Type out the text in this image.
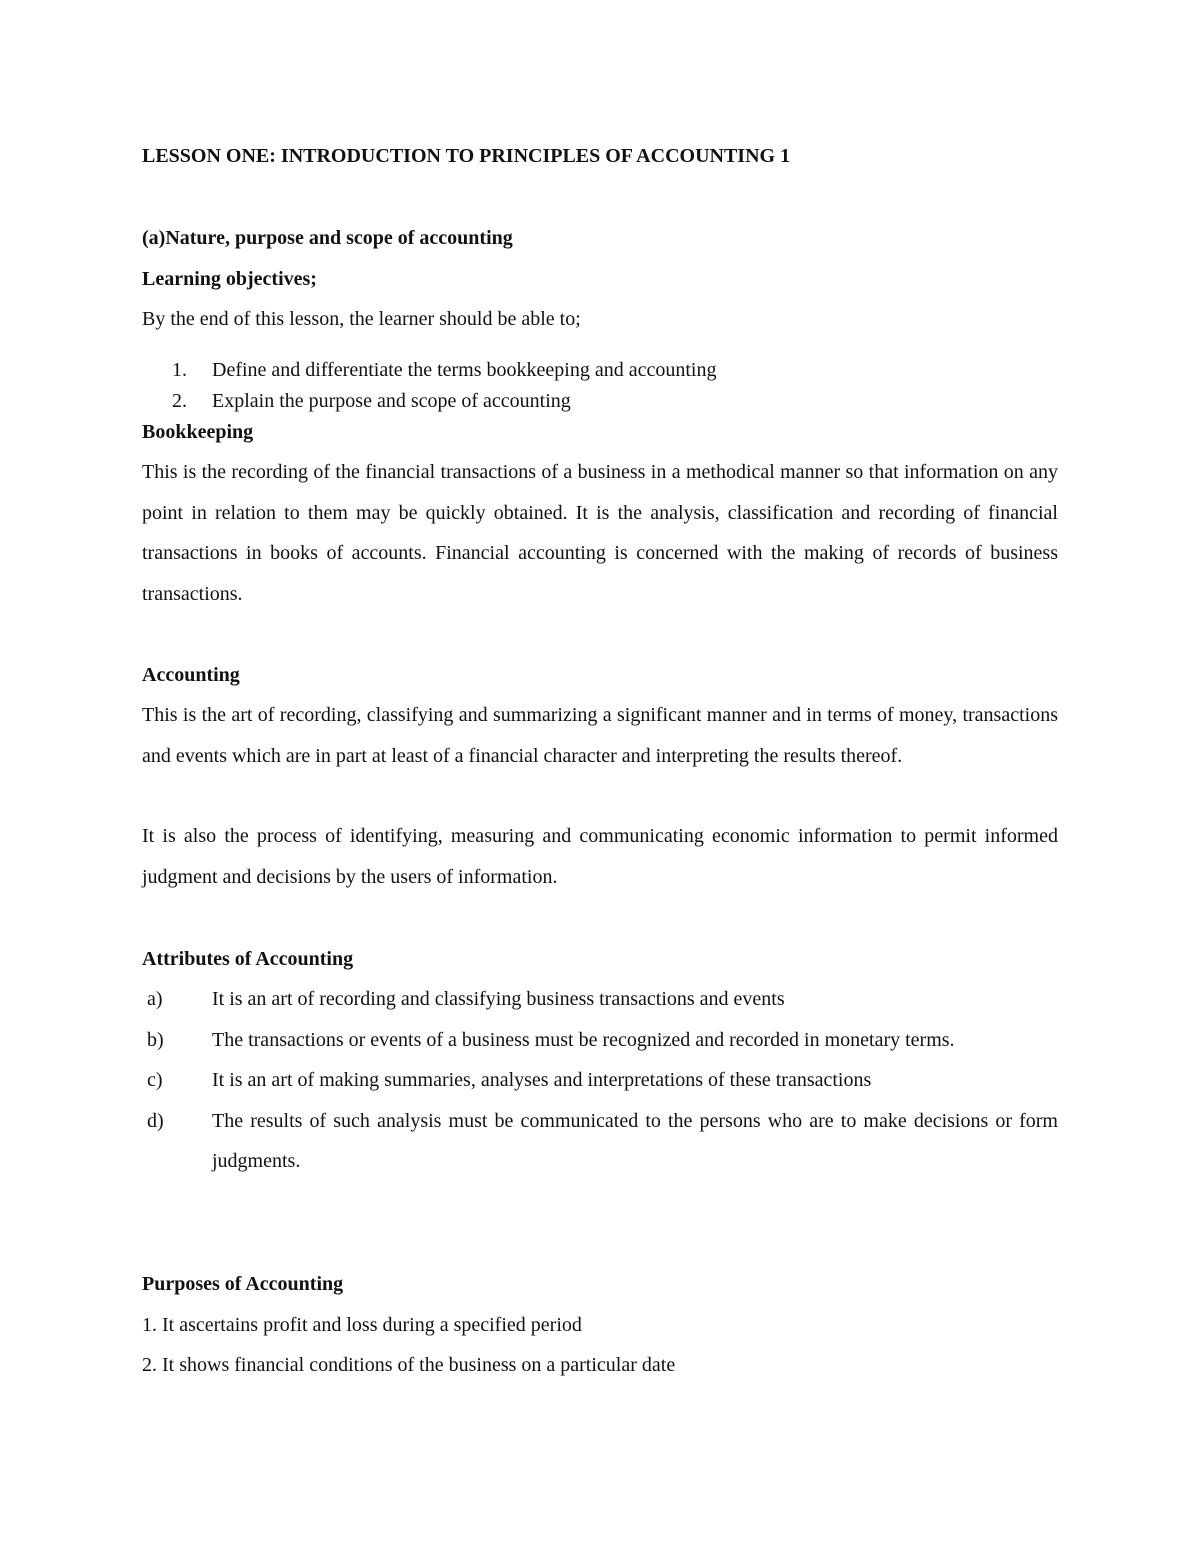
LESSON ONE: INTRODUCTION TO PRINCIPLES OF ACCOUNTING 1
(a)Nature, purpose and scope of accounting
Learning objectives;
By the end of this lesson, the learner should be able to;
1.	Define and differentiate the terms bookkeeping and accounting
2.	Explain the purpose and scope of accounting
Bookkeeping
This is the recording of the financial transactions of a business in a methodical manner so that information on any point in relation to them may be quickly obtained. It is the analysis, classification and recording of financial transactions in books of accounts. Financial accounting is concerned with the making of records of business transactions.
Accounting
This is the art of recording, classifying and summarizing a significant manner and in terms of money, transactions and events which are in part at least of a financial character and interpreting the results thereof.
It is also the process of identifying, measuring and communicating economic information to permit informed judgment and decisions by the users of information.
Attributes of Accounting
a)	It is an art of recording and classifying business transactions and events
b)	The transactions or events of a business must be recognized and recorded in monetary terms.
c)	It is an art of making summaries, analyses and interpretations of these transactions
d)	The results of such analysis must be communicated to the persons who are to make decisions or form judgments.
Purposes of Accounting
1. It ascertains profit and loss during a specified period
2. It shows financial conditions of the business on a particular date
